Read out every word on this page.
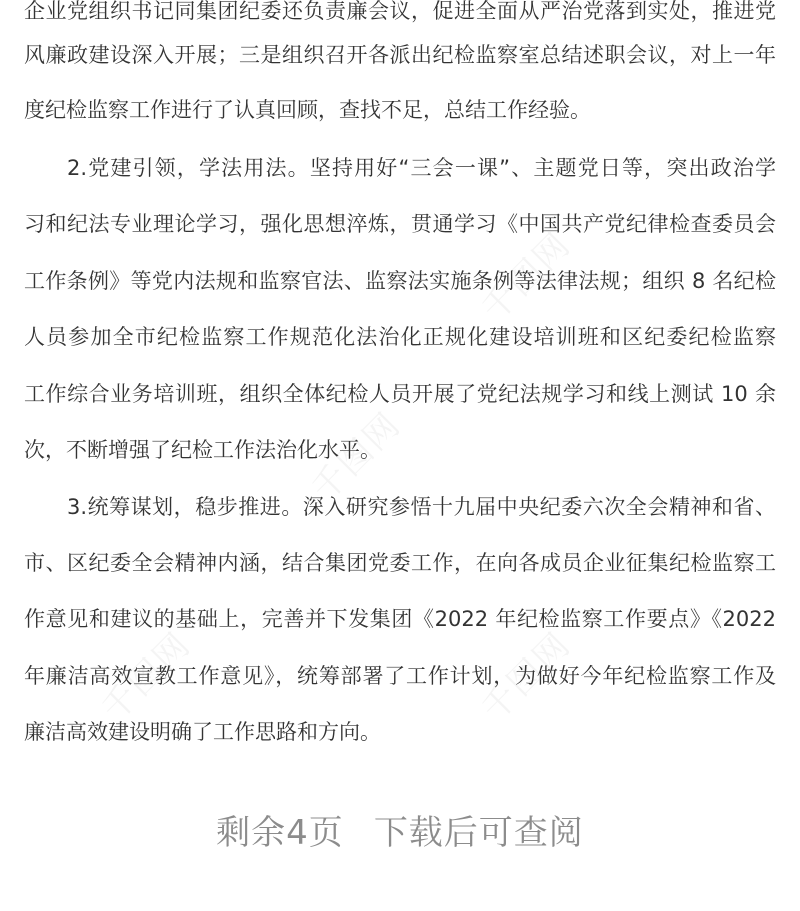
企业党组织书记同集团纪委还负责廉会议，促进全面从严治党落到实处，推进党
风廉政建设深入开展；三是组织召开各派出纪检监察室总结述职会议，对上一年
度纪检监察工作进行了认真回顾，查找不足，总结工作经验。
2.党建引领，学法用法。坚持用好“三会一课”、主题党日等，突出政治学
习和纪法专业理论学习，强化思想淬炼，贯通学习《中国共产党纪律检查委员会
工作条例》等党内法规和监察官法、监察法实施条例等法律法规；组织 8 名纪检
人员参加全市纪检监察工作规范化法治化正规化建设培训班和区纪委纪检监察
工作综合业务培训班，组织全体纪检人员开展了党纪法规学习和线上测试 10 余
次，不断增强了纪检工作法治化水平。
3.统筹谋划，稳步推进。深入研究参悟十九届中央纪委六次全会精神和省、
市、区纪委全会精神内涵，结合集团党委工作，在向各成员企业征集纪检监察工
作意见和建议的基础上，完善并下发集团《2022 年纪检监察工作要点》《2022
年廉洁高效宣教工作意见》，统筹部署了工作计划，为做好今年纪检监察工作及
廉洁高效建设明确了工作思路和方向。
千图网
千图网
千图网	千图网
剩余4页 下载后可查阅
